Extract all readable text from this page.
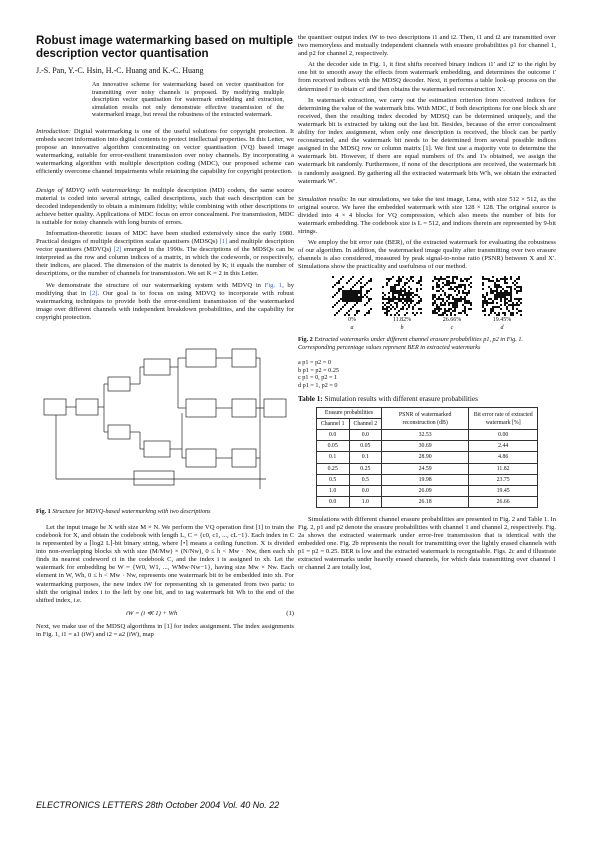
Robust image watermarking based on multiple description vector quantisation
J.-S. Pan, Y.-C. Hsin, H.-C. Huang and K.-C. Huang
An innovative scheme for watermarking based on vector quantisation for transmitting over noisy channels is proposed. By modifying multiple description vector quantisation for watermark embedding and extraction, simulation results not only demonstrate effective transmission of the watermarked image, but reveal the robustness of the extracted watermark.

Introduction: Digital watermarking is one of the useful solutions for copyright protection. It embeds secret information into digital contents to protect intellectual properties. In this Letter, we propose an innovative algorithm concentrating on vector quantisation (VQ) based image watermarking, suitable for error-resilient transmission over noisy channels. By incorporating a watermarking algorithm with multiple description coding (MDC), our proposed scheme can efficiently overcome channel impairments while retaining the capability for copyright protection.

Design of MDVQ with watermarking: In multiple description (MD) coders, the same source material is coded into several strings, called descriptions, such that each description can be decoded independently to obtain a minimum fidelity; while combining with other descriptions to achieve better quality. Applications of MDC focus on error concealment. For transmission, MDC is suitable for noisy channels with long bursts of errors.

Information-theoretic issues of MDC have been studied extensively since the early 1980. Practical designs of multiple description scalar quantisers (MDSQs) [1] and multiple description vector quantisers (MDVQs) [2] emerged in the 1990s. The descriptions of the MDSQs can be interpreted as the row and column indices of a matrix, in which the codewords, or respectively, their indices, are placed. The dimension of the matrix is denoted by K; it equals the number of descriptions, or the number of channels for transmission. We set K = 2 in this Letter.

We demonstrate the structure of our watermarking system with MDVQ in Fig. 1, by modifying that in [2]. Our goal is to focus on using MDVQ to incorporate with robust watermarking techniques to provide both the error-resilient transmission of the watermarked image over different channels with independent breakdown probabilities, and the capability for copyright protection.

Fig. 1 Structure for MDVQ-based watermarking with two descriptions

Let the input image be X with size M × N. We perform the VQ operation first [1] to train the codebook for X, and obtain the codebook with length L, C = {c0, c1, ..., cL−1}. Each index in C is represented by a ⌈log2 L⌉-bit binary string, where ⌈•⌉ means a ceiling function. X is divided into non-overlapping blocks xh with size (M/Mw) × (N/Nw), 0 ≤ h < Mw · Nw, then each xh finds its nearest codeword ci in the codebook C, and the index i is assigned to xh. Let the watermark for embedding be W = {W0, W1, ..., WMw·Nw−1}, having size Mw × Nw. Each element in W, Wh, 0 ≤ h < Mw · Nw, represents one watermark bit to be embedded into xh. For watermarking purposes, the new index iW for representing xh is generated from two parts: to shift the original index i to the left by one bit, and to tag watermark bit Wh to the end of the shifted index, i.e.

iW = (i ≪ 1) + Wh	(1)

Next, we make use of the MDSQ algorithms in [1] for index assignment. The index assignments in Fig. 1, i1 = a1 (iW) and i2 = a2 (iW), map

the quantiser output index iW to two descriptions i1 and i2. Then, i1 and i2 are transmitted over two memoryless and mutually independent channels with erasure probabilities p1 for channel 1, and p2 for channel 2, respectively.

At the decoder side in Fig. 1, it first shifts received binary indices i1′ and i2′ to the right by one bit to smooth away the effects from watermark embedding, and determines the outcome i′ from received indices with the MDSQ decoder. Next, it performs a table look-up process on the determined i′ to obtain ci′ and then obtains the watermarked reconstruction X′.

In watermark extraction, we carry out the estimation criterion from received indices for determining the value of the watermark bits. With MDC, if both descriptions for one block xh are received, then the resulting index decoded by MDSQ can be determined uniquely, and the watermark bit is extracted by taking out the last bit. Besides, because of the error concealment ability for index assignment, when only one description is received, the block can be partly reconstructed, and the watermark bit needs to be determined from several possible indices assigned in the MDSQ row or column matrix [1]. We first use a majority vote to determine the watermark bit. However, if there are equal numbers of 0's and 1's obtained, we assign the watermark bit randomly. Furthermore, if none of the descriptions are received, the watermark bit is randomly assigned. By gathering all the extracted watermark bits W′h, we obtain the extracted watermark W′.

Simulation results: In our simulations, we take the test image, Lena, with size 512 × 512, as the original source. We have the embedded watermark with size 128 × 128. The original source is divided into 4 × 4 blocks for VQ compression, which also meets the number of bits for watermark embedding. The codebook size is L = 512, and indices therein are represented by 9-bit strings.

We employ the bit error rate (BER), of the extracted watermark for evaluating the robustness of our algorithm. In addition, the watermarked image quality after transmitting over two erasure channels is also considered, measured by peak signal-to-noise ratio (PSNR) between X and X′. Simulations show the practicality and usefulness of our method.

0%	11.82%	26.66%	19.45%
a	b	c	d
Fig. 2 Extracted watermarks under different channel erasure probabilities p1, p2 in Fig. 1. Corresponding percentage values represent BER in extracted watermarks
a p1 = p2 = 0
b p1 = p2 = 0.25
c p1 = 0, p2 = 1
d p1 = 1, p2 = 0
Table 1: Simulation results with different erasure probabilities
Erasure probabilities		PSNR of watermarked reconstruction (dB)	Bit error rate of extracted watermark [%]
Channel 1	Channel 2		
0.0	0.0	32.53	0.00
0.05	0.05	30.69	2.44
0.1	0.1	28.90	4.86
0.25	0.25	24.59	11.82
0.5	0.5	19.98	23.75
1.0	0.0	26.09	19.45
0.0	1.0	26.18	26.66

Simulations with different channel erasure probabilities are presented in Fig. 2 and Table 1. In Fig. 2, p1 and p2 denote the erasure probabilities with channel 1 and channel 2, respectively. Fig. 2a shows the extracted watermark under error-free transmission that is identical with the embedded one. Fig. 2b represents the result for transmitting over the lightly erased channels with p1 = p2 = 0.25. BER is low and the extracted watermark is recognisable. Figs. 2c and d illustrate extracted watermarks under heavily erased channels, for which data transmitting over channel 1 or channel 2 are totally lost,

ELECTRONICS LETTERS 28th October 2004 Vol. 40 No. 22
